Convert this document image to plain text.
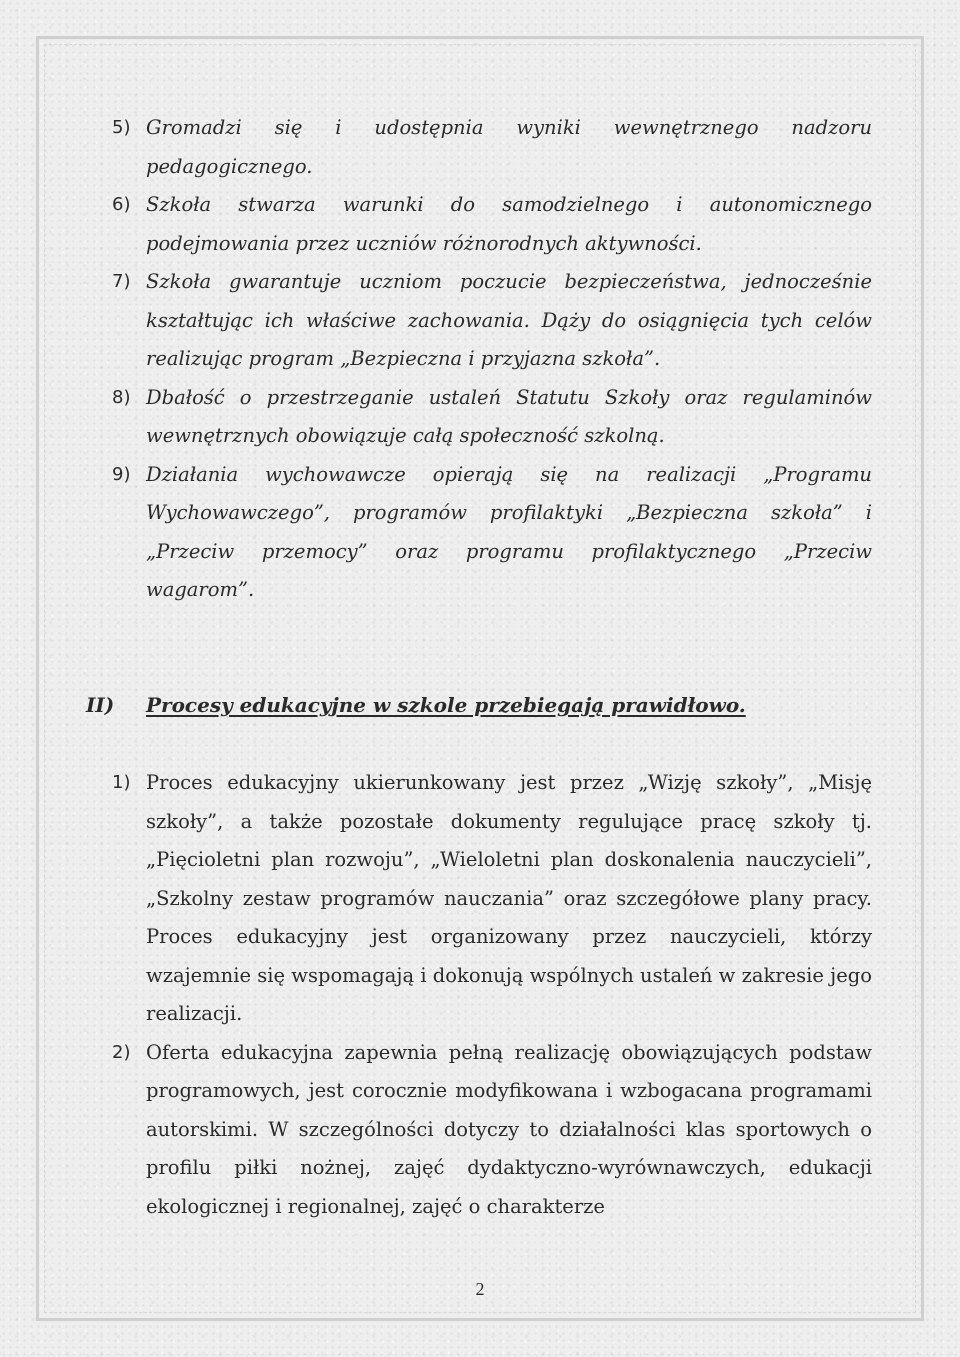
5) Gromadzi się i udostępnia wyniki wewnętrznego nadzoru pedagogicznego.
6) Szkoła stwarza warunki do samodzielnego i autonomicznego podejmowania przez uczniów różnorodnych aktywności.
7) Szkoła gwarantuje uczniom poczucie bezpieczeństwa, jednocześnie kształtując ich właściwe zachowania. Dąży do osiągnięcia tych celów realizując program „Bezpieczna i przyjazna szkoła”.
8) Dbałość o przestrzeganie ustaleń Statutu Szkoły oraz regulaminów wewnętrznych obowiązuje całą społeczność szkolną.
9) Działania wychowawcze opierają się na realizacji „Programu Wychowawczego”, programów profilaktyki „Bezpieczna szkoła” i „Przeciw przemocy” oraz programu profilaktycznego „Przeciw wagarom”.
II) Procesy edukacyjne w szkole przebiegają prawidłowo.
1) Proces edukacyjny ukierunkowany jest przez „Wizję szkoły”, „Misję szkoły”, a także pozostałe dokumenty regulujące pracę szkoły tj. „Pięcioletni plan rozwoju”, „Wieloletni plan doskonalenia nauczycieli”, „Szkolny zestaw programów nauczania” oraz szczegółowe plany pracy. Proces edukacyjny jest organizowany przez nauczycieli, którzy wzajemnie się wspomagają i dokonują wspólnych ustaleń w zakresie jego realizacji.
2) Oferta edukacyjna zapewnia pełną realizację obowiązujących podstaw programowych, jest corocznie modyfikowana i wzbogacana programami autorskimi. W szczególności dotyczy to działalności klas sportowych o profilu piłki nożnej, zajęć dydaktyczno-wyrównawczych, edukacji ekologicznej i regionalnej, zajęć o charakterze
2
